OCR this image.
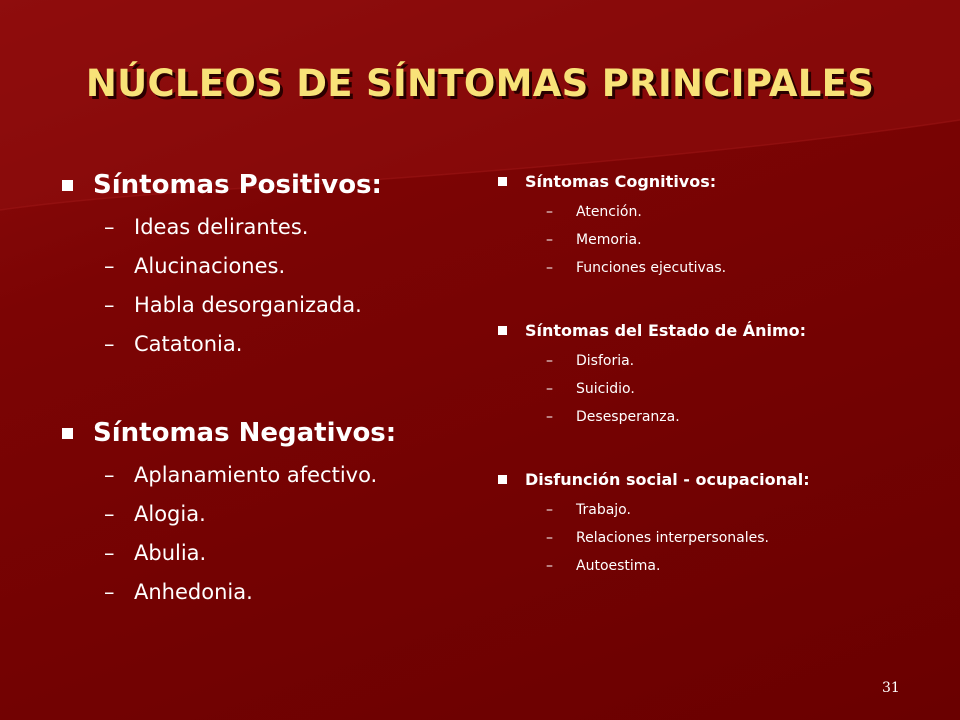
NÚCLEOS DE SÍNTOMAS PRINCIPALES
Síntomas Positivos:
– Ideas delirantes.
– Alucinaciones.
– Habla desorganizada.
– Catatonia.
Síntomas Negativos:
– Aplanamiento afectivo.
– Alogia.
– Abulia.
– Anhedonia.
Síntomas Cognitivos:
–	Atención.
–	Memoria.
–	Funciones ejecutivas.
Síntomas del Estado de Ánimo:
–	Disforia.
–	Suicidio.
–	Desesperanza.
Disfunción social - ocupacional:
–	Trabajo.
–	Relaciones interpersonales.
–	Autoestima.
31
